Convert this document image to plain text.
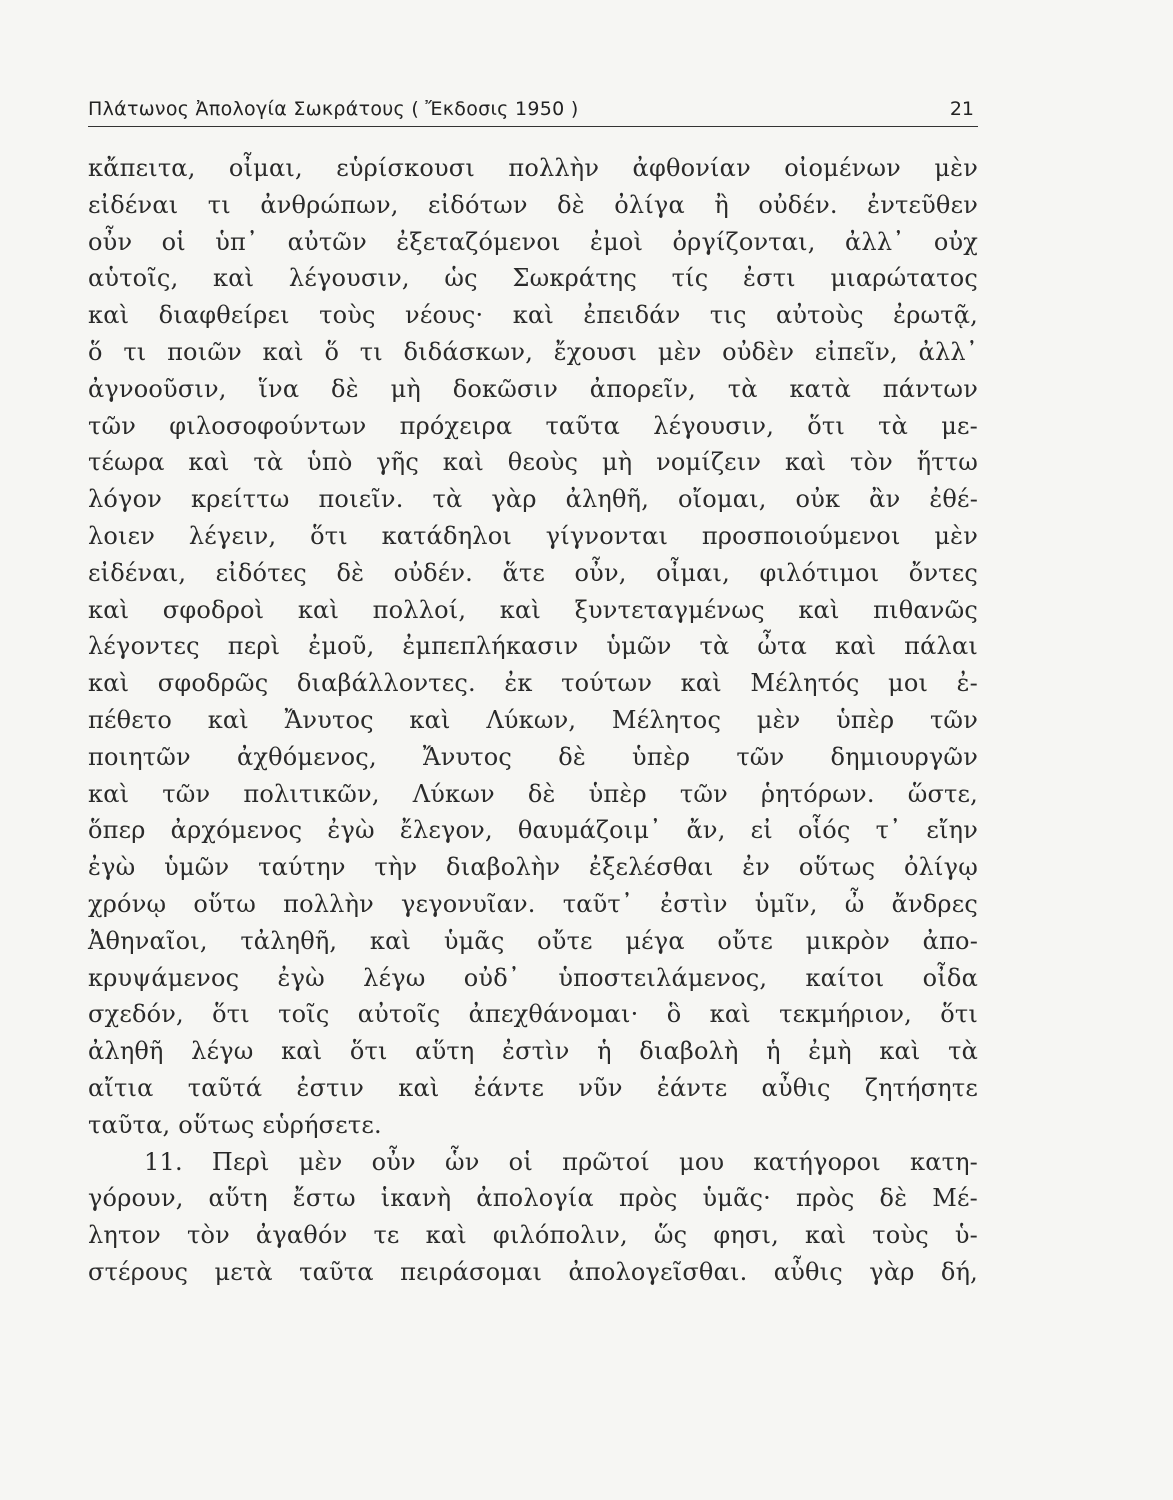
Πλάτωνος Ἀπολογία Σωκράτους ( Ἔκδοσις 1950 )	21
κἄπειτα, οἶμαι, εὑρίσκουσι πολλὴν ἀφθονίαν οἰομένων μὲν
εἰδέναι τι ἀνθρώπων, εἰδότων δὲ ὀλίγα ἢ οὐδέν. ἐντεῦθεν
οὖν οἱ ὑπ᾽ αὐτῶν ἐξεταζόμενοι ἐμοὶ ὀργίζονται, ἀλλ᾽ οὐχ
αὑτοῖς, καὶ λέγουσιν, ὡς Σωκράτης τίς ἐστι μιαρώτατος
καὶ διαφθείρει τοὺς νέους· καὶ ἐπειδάν τις αὐτοὺς ἐρωτᾷ,
ὅ τι ποιῶν καὶ ὅ τι διδάσκων, ἔχουσι μὲν οὐδὲν εἰπεῖν, ἀλλ᾽
ἀγνοοῦσιν, ἵνα δὲ μὴ δοκῶσιν ἀπορεῖν, τὰ κατὰ πάντων
τῶν φιλοσοφούντων πρόχειρα ταῦτα λέγουσιν, ὅτι τὰ με-
τέωρα καὶ τὰ ὑπὸ γῆς καὶ θεοὺς μὴ νομίζειν καὶ τὸν ἥττω
λόγον κρείττω ποιεῖν. τὰ γὰρ ἀληθῆ, οἴομαι, οὐκ ἂν ἐθέ-
λοιεν λέγειν, ὅτι κατάδηλοι γίγνονται προσποιούμενοι μὲν
εἰδέναι, εἰδότες δὲ οὐδέν. ἅτε οὖν, οἶμαι, φιλότιμοι ὄντες
καὶ σφοδροὶ καὶ πολλοί, καὶ ξυντεταγμένως καὶ πιθανῶς
λέγοντες περὶ ἐμοῦ, ἐμπεπλήκασιν ὑμῶν τὰ ὦτα καὶ πάλαι
καὶ σφοδρῶς διαβάλλοντες. ἐκ τούτων καὶ Μέλητός μοι ἐ-
πέθετο καὶ Ἄνυτος καὶ Λύκων, Μέλητος μὲν ὑπὲρ τῶν
ποιητῶν ἀχθόμενος, Ἄνυτος δὲ ὑπὲρ τῶν δημιουργῶν
καὶ τῶν πολιτικῶν, Λύκων δὲ ὑπὲρ τῶν ῥητόρων. ὥστε,
ὅπερ ἀρχόμενος ἐγὼ ἔλεγον, θαυμάζοιμ᾽ ἄν, εἰ οἷός τ᾽ εἴην
ἐγὼ ὑμῶν ταύτην τὴν διαβολὴν ἐξελέσθαι ἐν οὕτως ὀλίγῳ
χρόνῳ οὕτω πολλὴν γεγονυῖαν. ταῦτ᾽ ἐστὶν ὑμῖν, ὦ ἄνδρες
Ἀθηναῖοι, τἀληθῆ, καὶ ὑμᾶς οὔτε μέγα οὔτε μικρὸν ἀπο-
κρυψάμενος ἐγὼ λέγω οὐδ᾽ ὑποστειλάμενος, καίτοι οἶδα
σχεδόν, ὅτι τοῖς αὐτοῖς ἀπεχθάνομαι· ὃ καὶ τεκμήριον, ὅτι
ἀληθῆ λέγω καὶ ὅτι αὕτη ἐστὶν ἡ διαβολὴ ἡ ἐμὴ καὶ τὰ
αἴτια ταῦτά ἐστιν καὶ ἐάντε νῦν ἐάντε αὖθις ζητήσητε
ταῦτα, οὕτως εὑρήσετε.
11. Περὶ μὲν οὖν ὧν οἱ πρῶτοί μου κατήγοροι κατη-
γόρουν, αὕτη ἔστω ἱκανὴ ἀπολογία πρὸς ὑμᾶς· πρὸς δὲ Μέ-
λητον τὸν ἀγαθόν τε καὶ φιλόπολιν, ὥς φησι, καὶ τοὺς ὑ-
στέρους μετὰ ταῦτα πειράσομαι ἀπολογεῖσθαι. αὖθις γὰρ δή,
